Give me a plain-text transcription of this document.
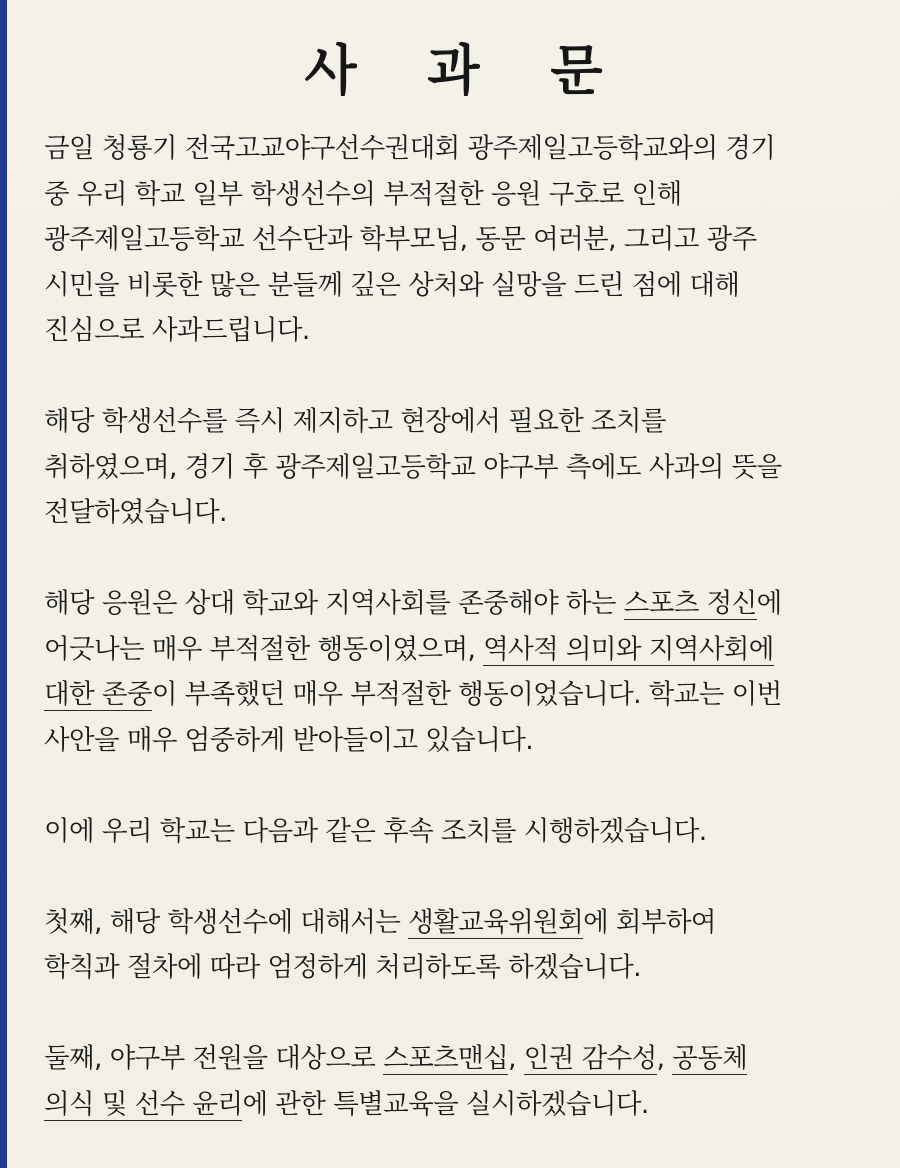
사 과 문
금일 청룡기 전국고교야구선수권대회 광주제일고등학교와의 경기
중 우리 학교 일부 학생선수의 부적절한 응원 구호로 인해
광주제일고등학교 선수단과 학부모님, 동문 여러분, 그리고 광주
시민을 비롯한 많은 분들께 깊은 상처와 실망을 드린 점에 대해
진심으로 사과드립니다.
해당 학생선수를 즉시 제지하고 현장에서 필요한 조치를
취하였으며, 경기 후 광주제일고등학교 야구부 측에도 사과의 뜻을
전달하였습니다.
해당 응원은 상대 학교와 지역사회를 존중해야 하는 스포츠 정신에
어긋나는 매우 부적절한 행동이였으며, 역사적 의미와 지역사회에
대한 존중이 부족했던 매우 부적절한 행동이었습니다. 학교는 이번
사안을 매우 엄중하게 받아들이고 있습니다.
이에 우리 학교는 다음과 같은 후속 조치를 시행하겠습니다.
첫째, 해당 학생선수에 대해서는 생활교육위원회에 회부하여
학칙과 절차에 따라 엄정하게 처리하도록 하겠습니다.
둘째, 야구부 전원을 대상으로 스포츠맨십, 인권 감수성, 공동체
의식 및 선수 윤리에 관한 특별교육을 실시하겠습니다.
